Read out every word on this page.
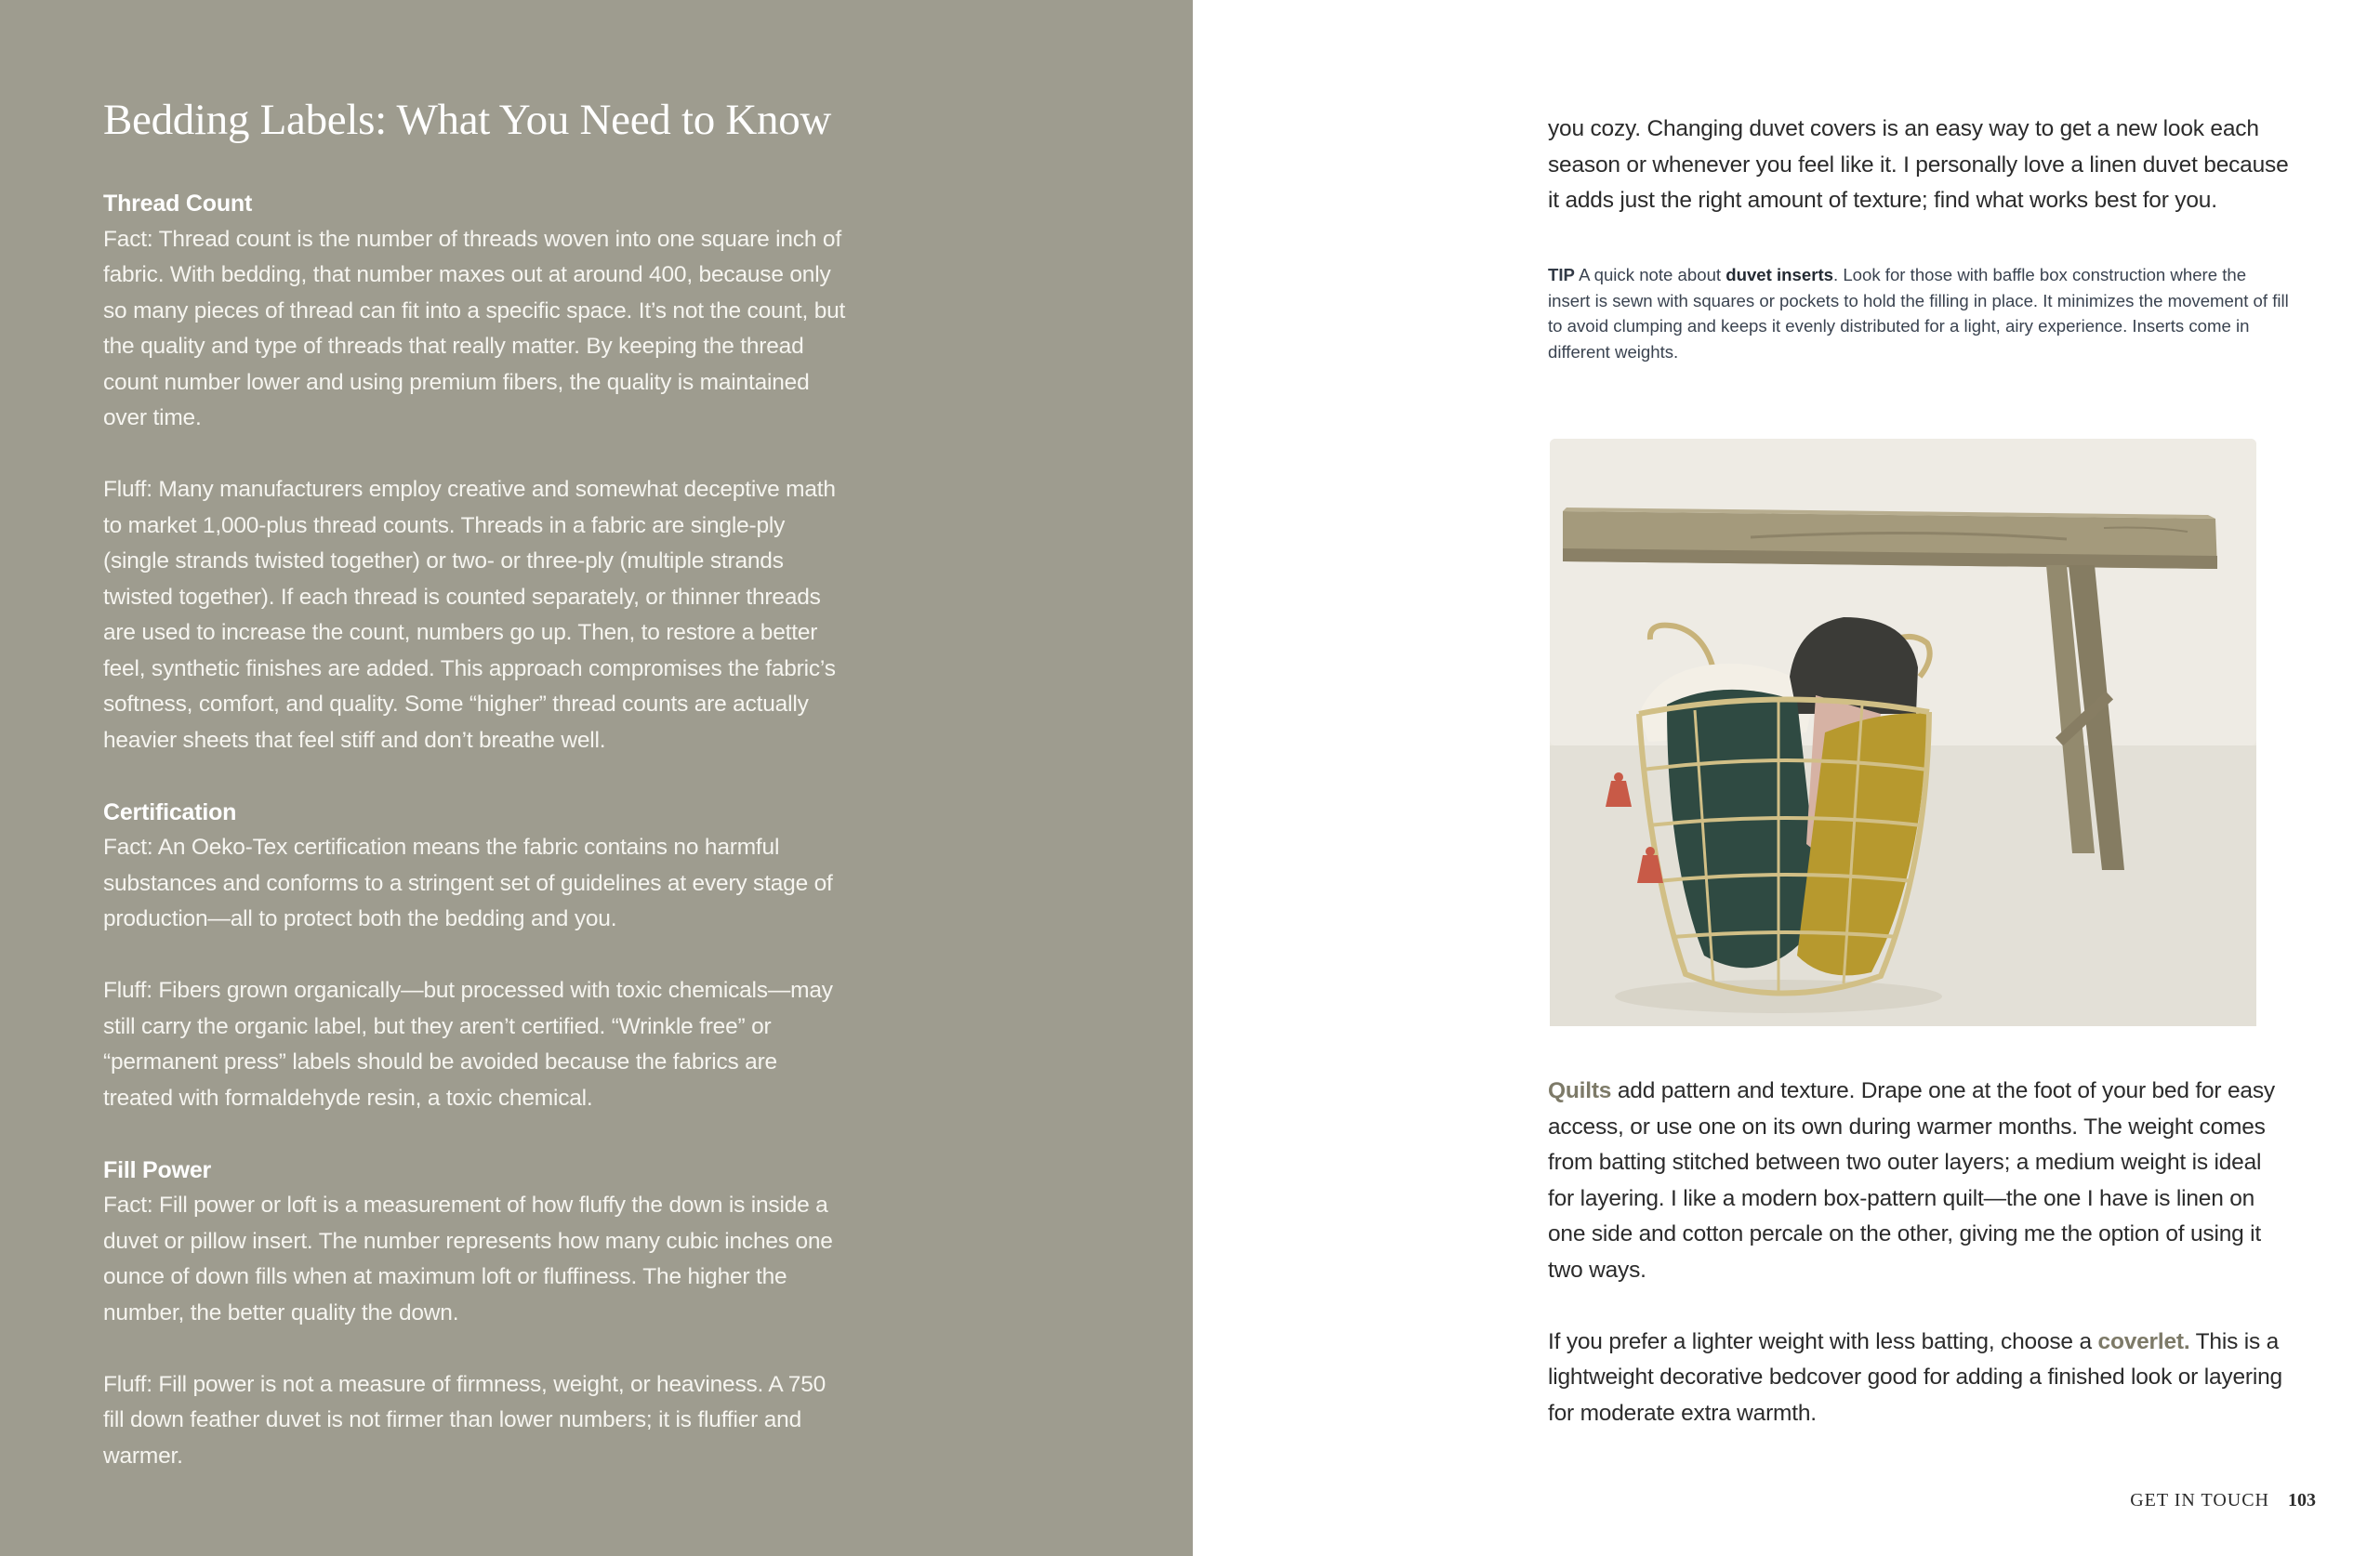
Bedding Labels: What You Need to Know
Thread Count

Fact: Thread count is the number of threads woven into one square inch of fabric. With bedding, that number maxes out at around 400, because only so many pieces of thread can fit into a specific space. It’s not the count, but the quality and type of threads that really matter. By keeping the thread count number lower and using premium fibers, the quality is maintained over time.

Fluff: Many manufacturers employ creative and somewhat deceptive math to market 1,000-plus thread counts. Threads in a fabric are single-ply (single strands twisted together) or two- or three-ply (multiple strands twisted together). If each thread is counted separately, or thinner threads are used to increase the count, numbers go up. Then, to restore a better feel, synthetic finishes are added. This approach compromises the fabric’s softness, comfort, and quality. Some “higher” thread counts are actually heavier sheets that feel stiff and don’t breathe well.

Certification

Fact: An Oeko-Tex certification means the fabric contains no harmful substances and conforms to a stringent set of guidelines at every stage of production—all to protect both the bedding and you.

Fluff: Fibers grown organically—but processed with toxic chemicals—may still carry the organic label, but they aren’t certified. “Wrinkle free” or “permanent press” labels should be avoided because the fabrics are treated with formaldehyde resin, a toxic chemical.

Fill Power

Fact: Fill power or loft is a measurement of how fluffy the down is inside a duvet or pillow insert. The number represents how many cubic inches one ounce of down fills when at maximum loft or fluffiness. The higher the number, the better quality the down.

Fluff: Fill power is not a measure of firmness, weight, or heaviness. A 750 fill down feather duvet is not firmer than lower numbers; it is fluffier and warmer.

you cozy. Changing duvet covers is an easy way to get a new look each season or whenever you feel like it. I personally love a linen duvet because it adds just the right amount of texture; find what works best for you.

TIP A quick note about duvet inserts. Look for those with baffle box construction where the insert is sewn with squares or pockets to hold the filling in place. It minimizes the movement of fill to avoid clumping and keeps it evenly distributed for a light, airy experience. Inserts come in different weights.

Quilts add pattern and texture. Drape one at the foot of your bed for easy access, or use one on its own during warmer months. The weight comes from batting stitched between two outer layers; a medium weight is ideal for layering. I like a modern box-pattern quilt—the one I have is linen on one side and cotton percale on the other, giving me the option of using it two ways.

If you prefer a lighter weight with less batting, choose a coverlet. This is a lightweight decorative bedcover good for adding a finished look or layering for moderate extra warmth.

GET IN TOUCH 103
